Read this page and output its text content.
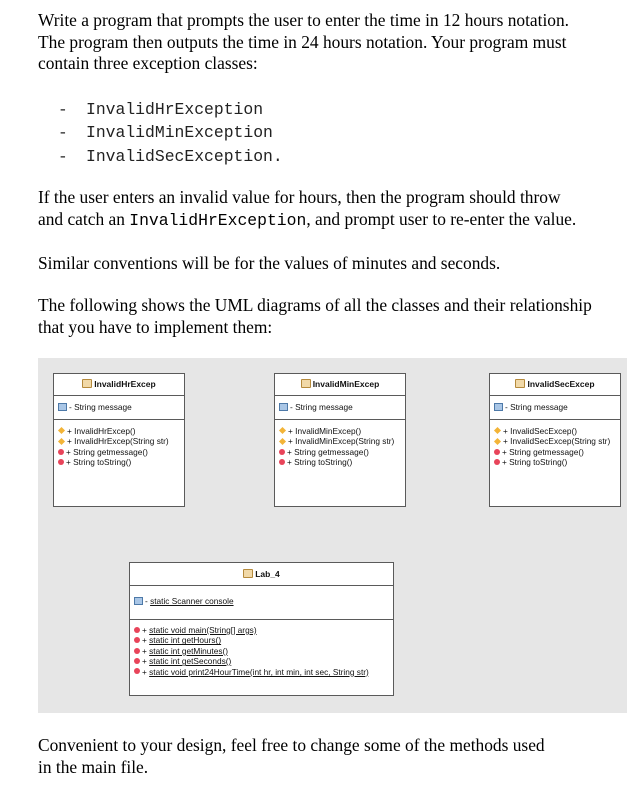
Write a program that prompts the user to enter the time in 12 hours notation.
The program then outputs the time in 24 hours notation. Your program must
contain three exception classes:
- InvalidHrException
- InvalidMinException
- InvalidSecException.
If the user enters an invalid value for hours, then the program should throw
and catch an InvalidHrException, and prompt user to re-enter the value.
Similar conventions will be for the values of minutes and seconds.
The following shows the UML diagrams of all the classes and their relationship
that you have to implement them:
InvalidHrExcep
- String message
+ InvalidHrExcep()
+ InvalidHrExcep(String str)
+ String getmessage()
+ String toString()
InvalidMinExcep
- String message
+ InvalidMinExcep()
+ InvalidMinExcep(String str)
+ String getmessage()
+ String toString()
InvalidSecExcep
- String message
+ InvalidSecExcep()
+ InvalidSecExcep(String str)
+ String getmessage()
+ String toString()
Lab_4
- static Scanner console
+ static void main(String[] args)
+ static int getHours()
+ static int getMinutes()
+ static int getSeconds()
+ static void print24HourTime(int hr, int min, int sec, String str)
Convenient to your design, feel free to change some of the methods used
in the main file.
